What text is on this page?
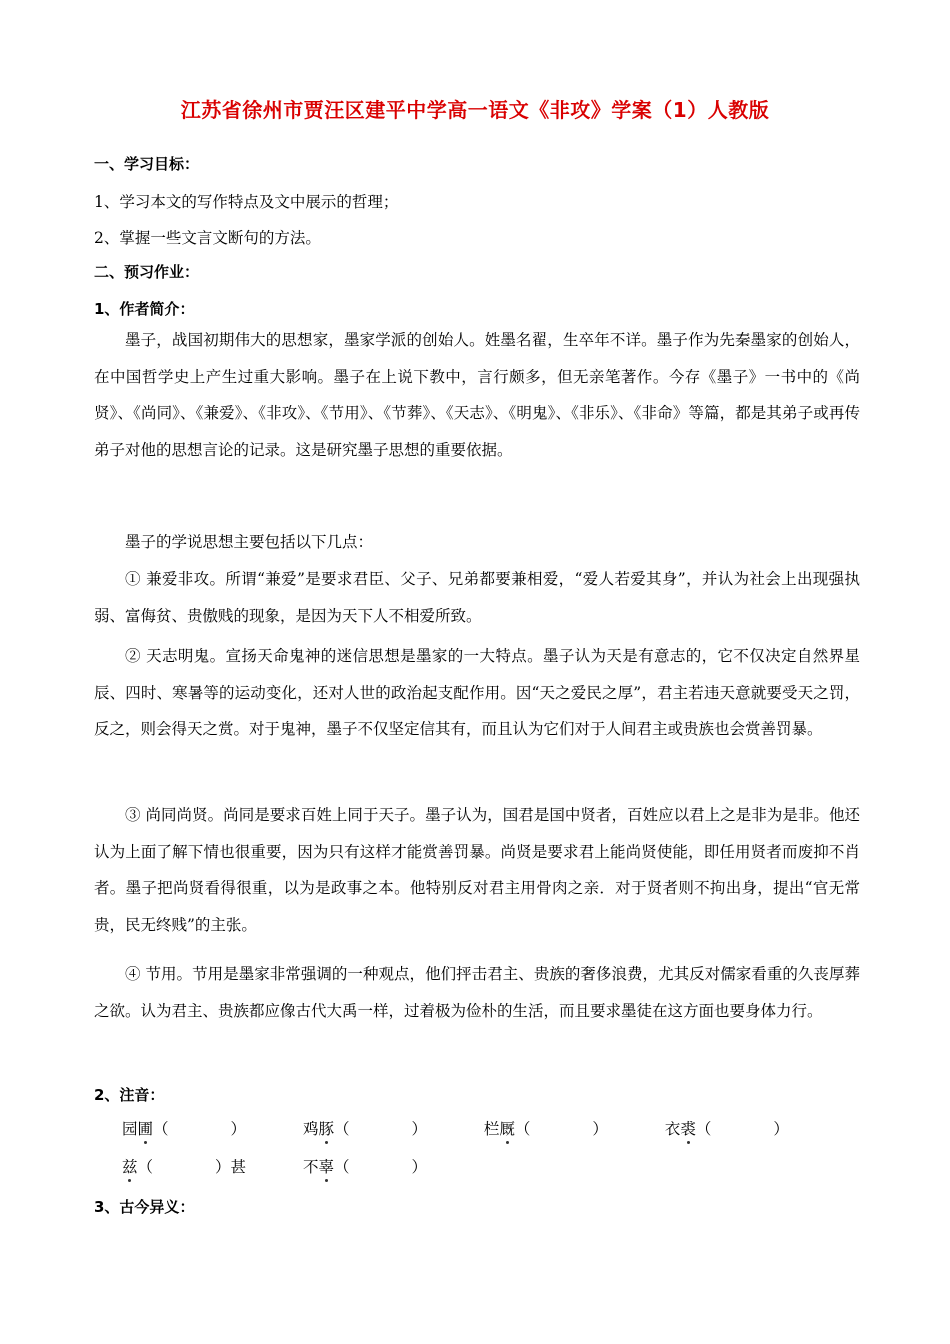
江苏省徐州市贾汪区建平中学高一语文《非攻》学案（1）人教版
一、学习目标：
1、学习本文的写作特点及文中展示的哲理；
2、掌握一些文言文断句的方法。
二、预习作业：
1、作者简介：

墨子，战国初期伟大的思想家，墨家学派的创始人。姓墨名翟，生卒年不详。墨子作为先秦墨家的创始人，在中国哲学史上产生过重大影响。墨子在上说下教中，言行颇多，但无亲笔著作。今存《墨子》一书中的《尚贤》、《尚同》、《兼爱》、《非攻》、《节用》、《节葬》、《天志》、《明鬼》、《非乐》、《非命》等篇，都是其弟子或再传弟子对他的思想言论的记录。这是研究墨子思想的重要依据。

墨子的学说思想主要包括以下几点：

① 兼爱非攻。所谓“兼爱”是要求君臣、父子、兄弟都要兼相爱，“爱人若爱其身”，并认为社会上出现强执弱、富侮贫、贵傲贱的现象，是因为天下人不相爱所致。

② 天志明鬼。宣扬天命鬼神的迷信思想是墨家的一大特点。墨子认为天是有意志的，它不仅决定自然界星辰、四时、寒暑等的运动变化，还对人世的政治起支配作用。因“天之爱民之厚”，君主若违天意就要受天之罚，反之，则会得天之赏。对于鬼神，墨子不仅坚定信其有，而且认为它们对于人间君主或贵族也会赏善罚暴。

③ 尚同尚贤。尚同是要求百姓上同于天子。墨子认为，国君是国中贤者，百姓应以君上之是非为是非。他还认为上面了解下情也很重要，因为只有这样才能赏善罚暴。尚贤是要求君上能尚贤使能，即任用贤者而废抑不肖者。墨子把尚贤看得很重，以为是政事之本。他特别反对君主用骨肉之亲．对于贤者则不拘出身，提出“官无常贵，民无终贱”的主张。

④ 节用。节用是墨家非常强调的一种观点，他们抨击君主、贵族的奢侈浪费，尤其反对儒家看重的久丧厚葬之欲。认为君主、贵族都应像古代大禹一样，过着极为俭朴的生活，而且要求墨徒在这方面也要身体力行。

2、注音：
园圃（　　　　）	鸡豚（　　　　）	栏厩（　　　　）	衣裘（　　　　）
兹（　　　　）甚	不辜（　　　　）
3、古今异义：
